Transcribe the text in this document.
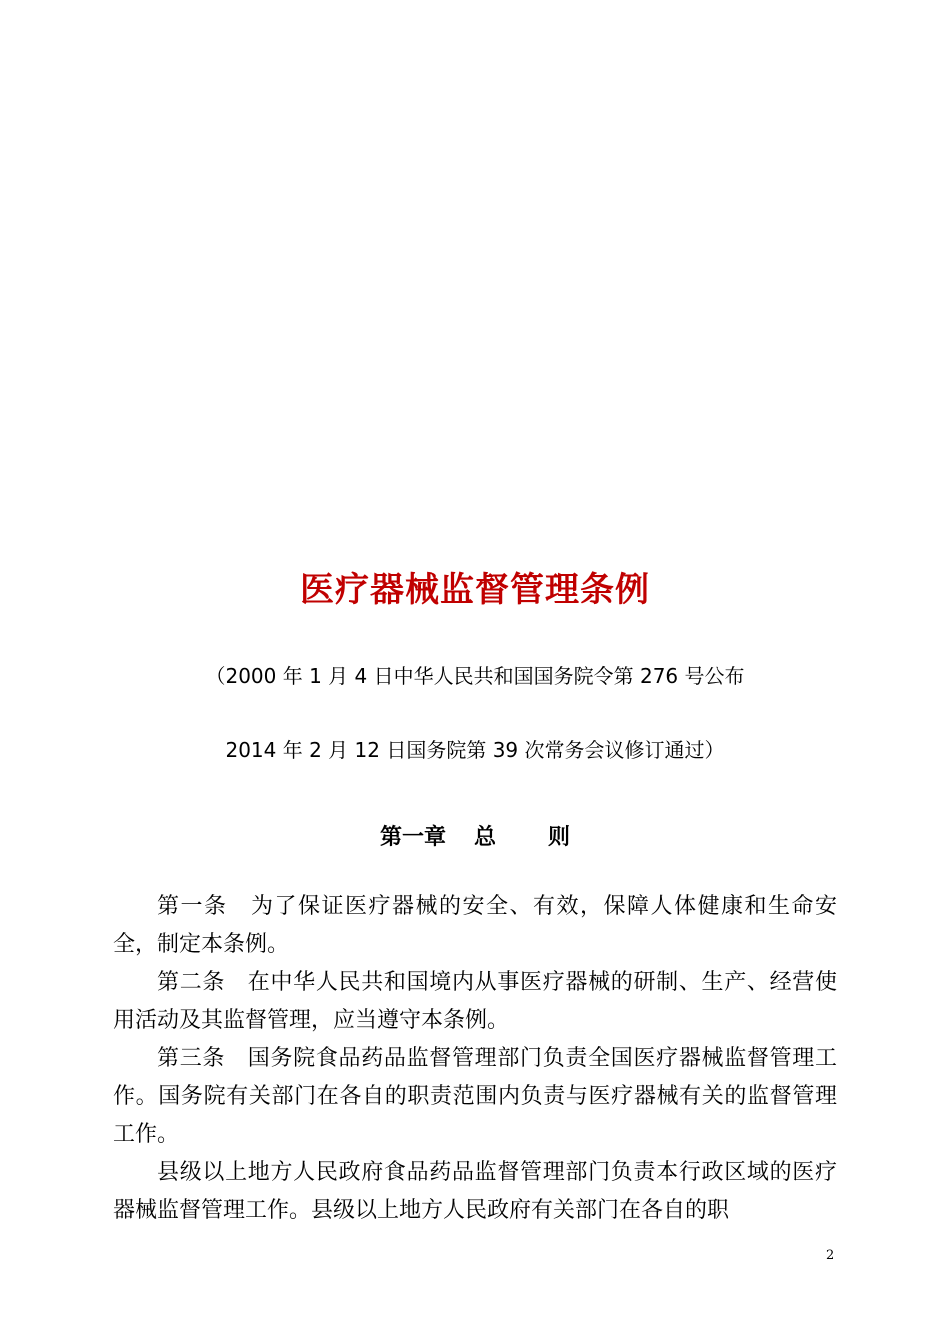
医疗器械监督管理条例
（2000 年 1 月 4 日中华人民共和国国务院令第 276 号公布
2014 年 2 月 12 日国务院第 39 次常务会议修订通过）
第一章 总 则

第一条 为了保证医疗器械的安全、有效，保障人体健康和生命安全，制定本条例。

第二条 在中华人民共和国境内从事医疗器械的研制、生产、经营使用活动及其监督管理，应当遵守本条例。

第三条 国务院食品药品监督管理部门负责全国医疗器械监督管理工作。国务院有关部门在各自的职责范围内负责与医疗器械有关的监督管理工作。

县级以上地方人民政府食品药品监督管理部门负责本行政区域的医疗器械监督管理工作。县级以上地方人民政府有关部门在各自的职

2
